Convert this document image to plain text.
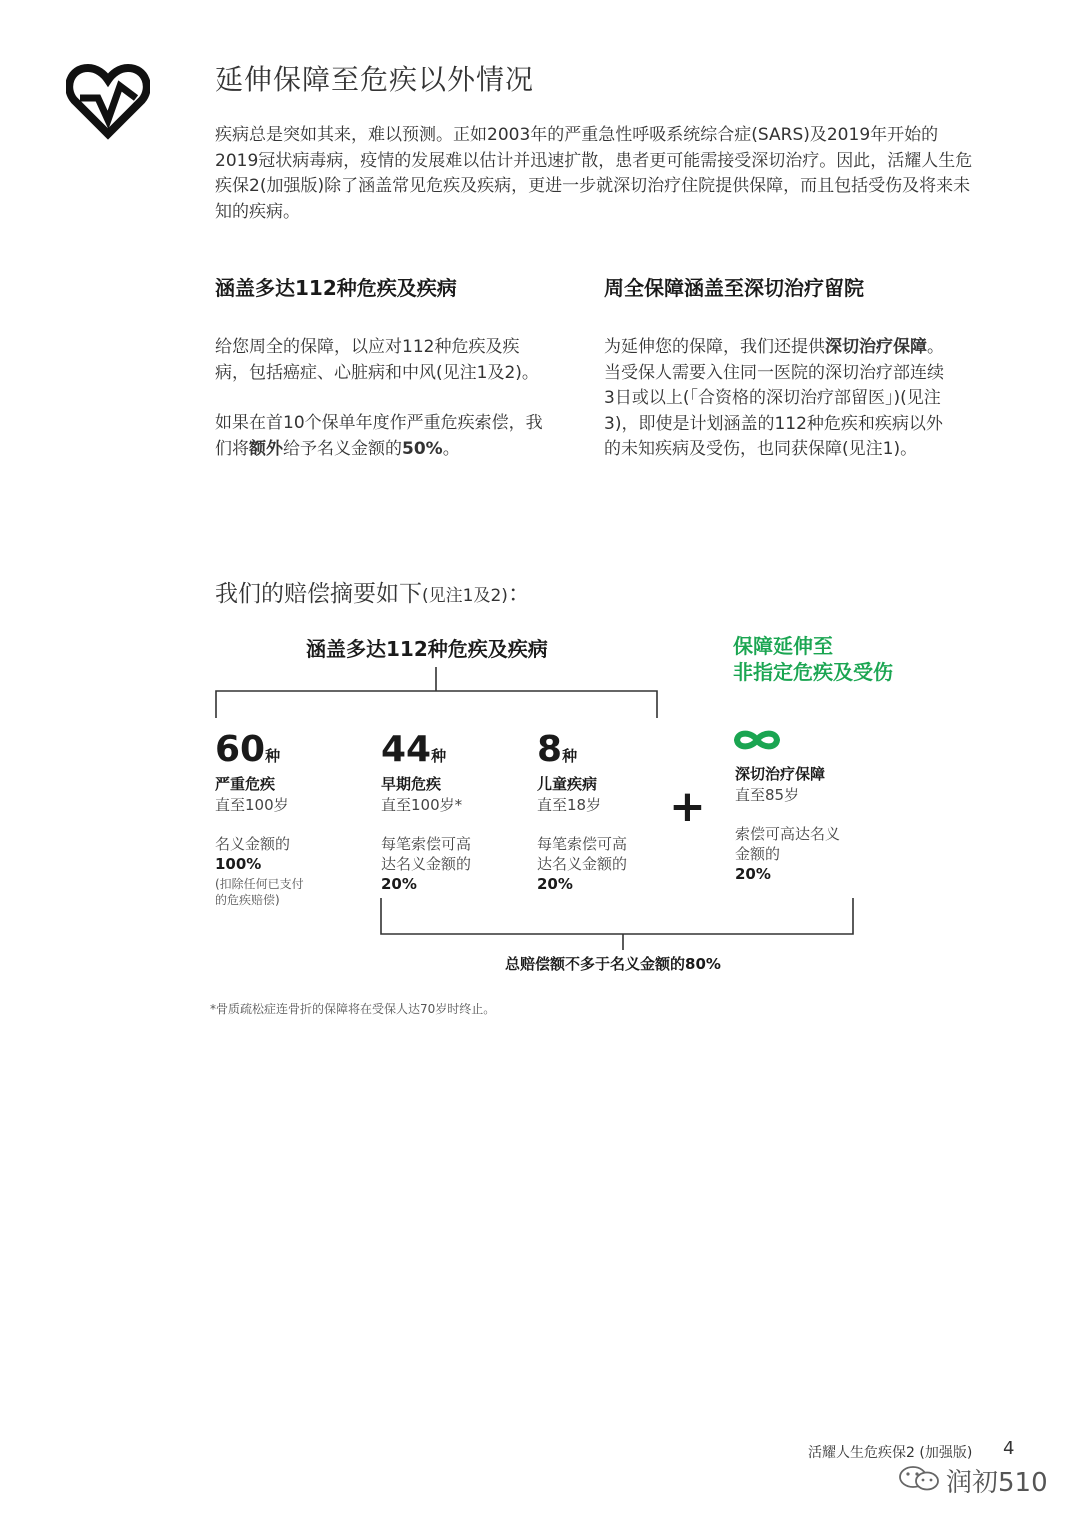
延伸保障至危疾以外情况

疾病总是突如其来，难以预测。正如2003年的严重急性呼吸系统综合症(SARS)及2019年开始的2019冠状病毒病，疫情的发展难以估计并迅速扩散，患者更可能需接受深切治疗。因此，活耀人生危疾保2(加强版)除了涵盖常见危疾及疾病，更进一步就深切治疗住院提供保障，而且包括受伤及将来未知的疾病。

涵盖多达112种危疾及疾病

给您周全的保障，以应对112种危疾及疾病，包括癌症、心脏病和中风(见注1及2)。

如果在首10个保单年度作严重危疾索偿，我们将额外给予名义金额的50%。

周全保障涵盖至深切治疗留院

为延伸您的保障，我们还提供深切治疗保障。当受保人需要入住同一医院的深切治疗部连续3日或以上(「合资格的深切治疗部留医」)(见注3)，即使是计划涵盖的112种危疾和疾病以外的未知疾病及受伤，也同获保障(见注1)。

我们的赔偿摘要如下(见注1及2)：
涵盖多达112种危疾及疾病	保障延伸至
非指定危疾及受伤
60种
严重危疾
直至100岁
名义金额的
100%
(扣除任何已支付
的危疾赔偿)
44种
早期危疾
直至100岁*
每笔索偿可高
达名义金额的
20%
8种
儿童疾病
直至18岁
每笔索偿可高
达名义金额的
20%
+
深切治疗保障
直至85岁
索偿可高达名义
金额的
20%
总赔偿额不多于名义金额的80%
*骨质疏松症连骨折的保障将在受保人达70岁时终止。
活耀人生危疾保2 (加强版) 4
润初510
